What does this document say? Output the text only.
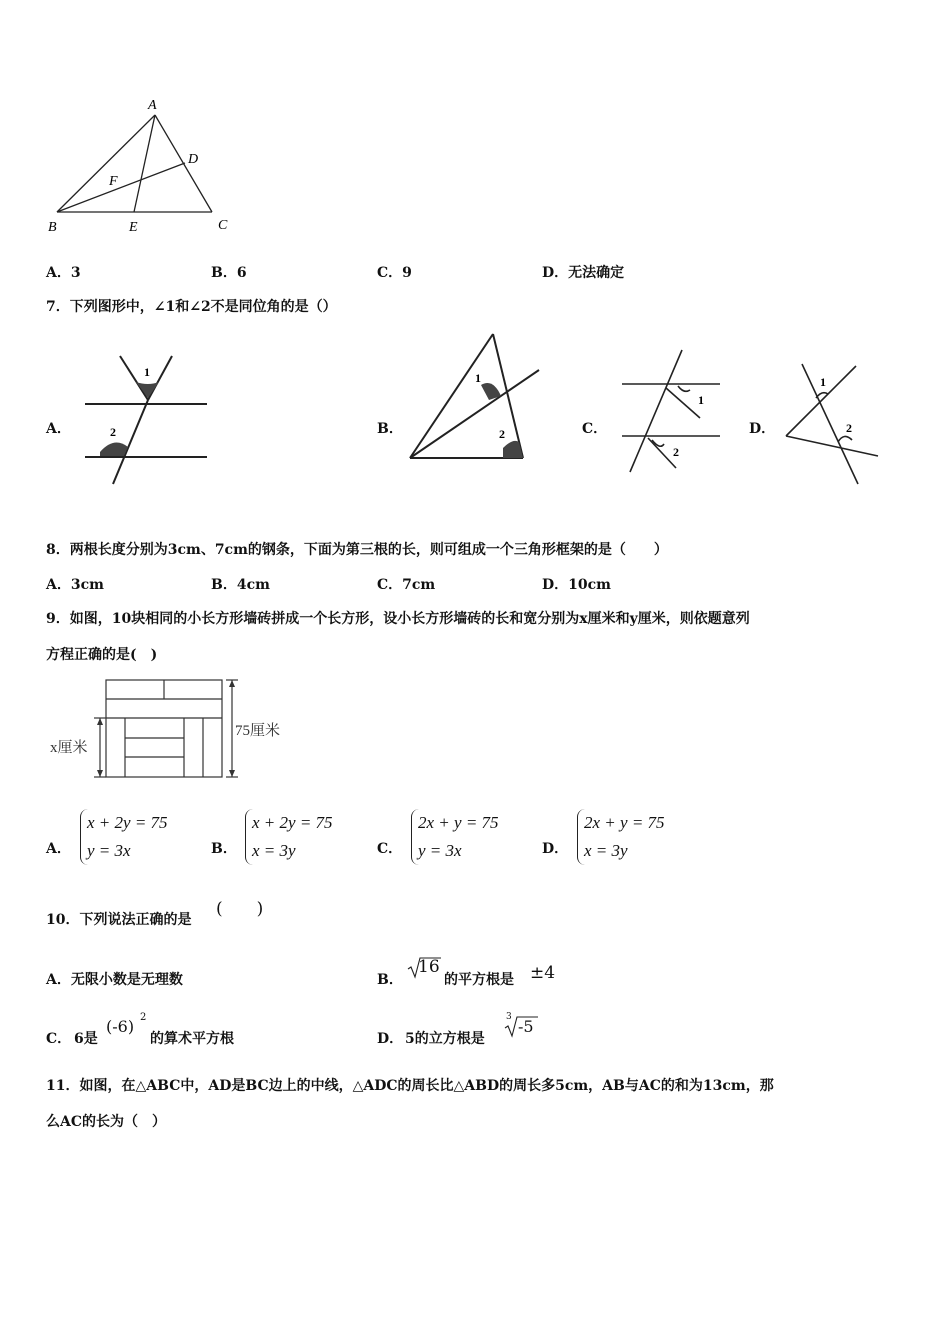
A
D
F
B	E	C
A．3	B．6	C．9	D．无法确定
7．下列图形中，∠1和∠2不是同位角的是（）
A．
1
2	B．
1
2	C．
1
2
D．
1
2
8．两根长度分别为3cm、7cm的钢条，下面为第三根的长，则可组成一个三角形框架的是（　　）
A．3cm	B．4cm	C．7cm	D．10cm
9．如图，10块相同的小长方形墙砖拼成一个长方形，设小长方形墙砖的长和宽分别为x厘米和y厘米，则依题意列
方程正确的是(　)
x厘米
75厘米
A．
x + 2y = 75
y = 3x	B．
x + 2y = 75
x = 3y	C．
2x + y = 75
y = 3x	D．
2x + y = 75
x = 3y
10．下列说法正确的是
(　　)
A．无限小数是无理数	B．
16
的平方根是 ±4
C． 6是
(-6) 2
的算术平方根	D． 5的立方根是
3 -5
11．如图，在△ABC中，AD是BC边上的中线，△ADC的周长比△ABD的周长多5cm，AB与AC的和为13cm，那
么AC的长为（　）
